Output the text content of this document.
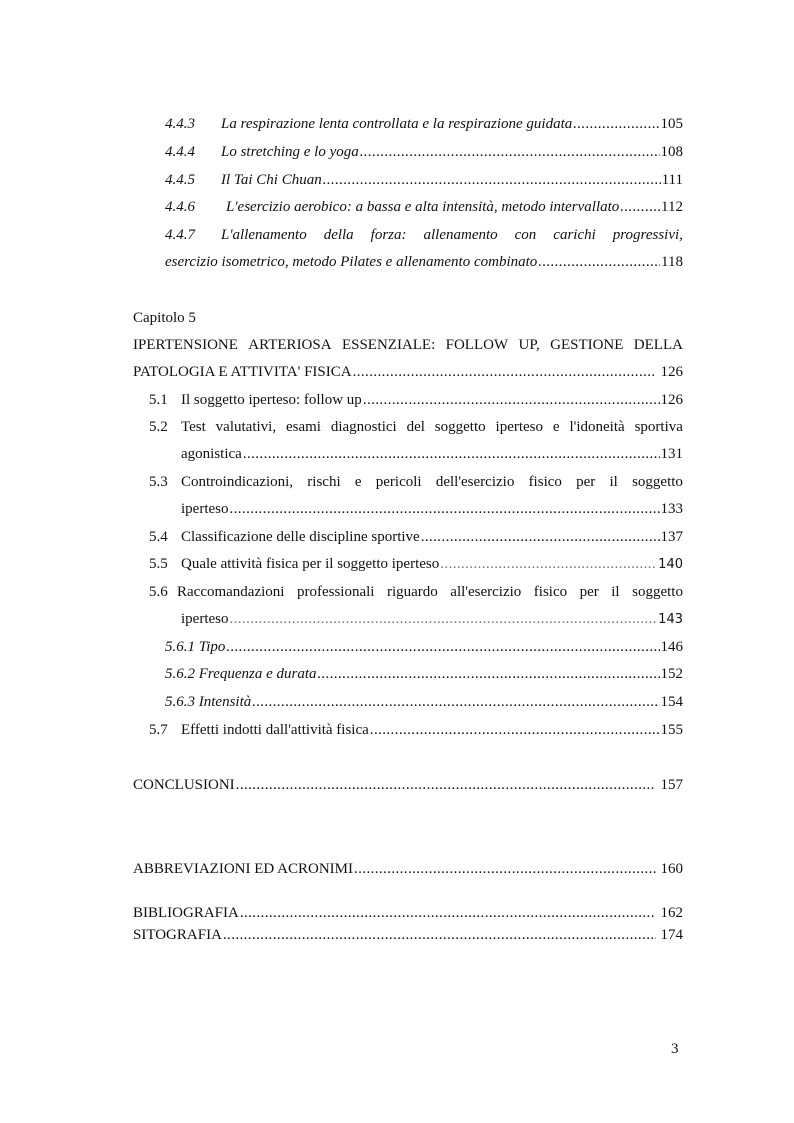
4.4.3	La respirazione lenta controllata e la respirazione guidata .....	105
4.4.4	Lo stretching e lo yoga .....	108
4.4.5	Il Tai Chi Chuan .....	111
4.4.6	L'esercizio aerobico: a bassa e alta intensità, metodo intervallato .....	112
4.4.7	L'allenamento della forza: allenamento con carichi progressivi,
esercizio isometrico, metodo Pilates e allenamento combinato .....	118
Capitolo 5
IPERTENSIONE ARTERIOSA ESSENZIALE: FOLLOW UP, GESTIONE DELLA
PATOLOGIA E ATTIVITA' FISICA .....	126
5.1 Il soggetto iperteso: follow up .....	126
5.2 Test valutativi, esami diagnostici del soggetto iperteso e l'idoneità sportiva
agonistica .....	131
5.3 Controindicazioni, rischi e pericoli dell'esercizio fisico per il soggetto
iperteso .....	133
5.4 Classificazione delle discipline sportive .....	137
5.5 Quale attività fisica per il soggetto iperteso .....	140
5.6 Raccomandazioni professionali riguardo all'esercizio fisico per il soggetto
iperteso .....	143
5.6.1 Tipo .....	146
5.6.2 Frequenza e durata .....	152
5.6.3 Intensità .....	154
5.7 Effetti indotti dall'attività fisica .....	155
CONCLUSIONI .....	157
ABBREVIAZIONI ED ACRONIMI .....	160
BIBLIOGRAFIA .....	162
SITOGRAFIA .....	174
3
